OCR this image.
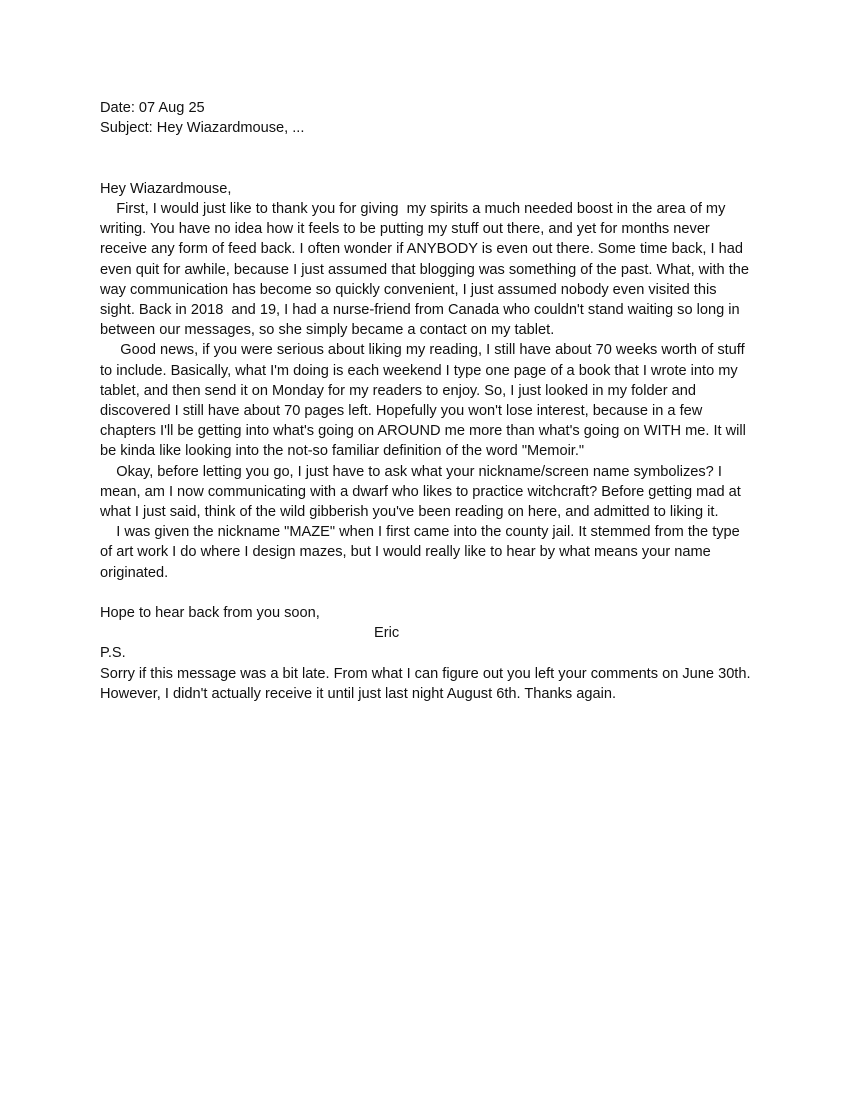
Date: 07 Aug 25

Subject: Hey Wiazardmouse, ...

Hey Wiazardmouse,

First, I would just like to thank you for giving  my spirits a much needed boost in the area of my writing. You have no idea how it feels to be putting my stuff out there, and yet for months never receive any form of feed back. I often wonder if ANYBODY is even out there. Some time back, I had even quit for awhile, because I just assumed that blogging was something of the past. What, with the way communication has become so quickly convenient, I just assumed nobody even visited this sight. Back in 2018  and 19, I had a nurse-friend from Canada who couldn't stand waiting so long in between our messages, so she simply became a contact on my tablet.

Good news, if you were serious about liking my reading, I still have about 70 weeks worth of stuff to include. Basically, what I'm doing is each weekend I type one page of a book that I wrote into my tablet, and then send it on Monday for my readers to enjoy. So, I just looked in my folder and discovered I still have about 70 pages left. Hopefully you won't lose interest, because in a few chapters I'll be getting into what's going on AROUND me more than what's going on WITH me. It will be kinda like looking into the not-so familiar definition of the word "Memoir."

Okay, before letting you go, I just have to ask what your nickname/screen name symbolizes? I mean, am I now communicating with a dwarf who likes to practice witchcraft? Before getting mad at what I just said, think of the wild gibberish you've been reading on here, and admitted to liking it.

I was given the nickname "MAZE" when I first came into the county jail. It stemmed from the type of art work I do where I design mazes, but I would really like to hear by what means your name originated.

Hope to hear back from you soon,

Eric

P.S.

Sorry if this message was a bit late. From what I can figure out you left your comments on June 30th. However, I didn't actually receive it until just last night August 6th. Thanks again.
